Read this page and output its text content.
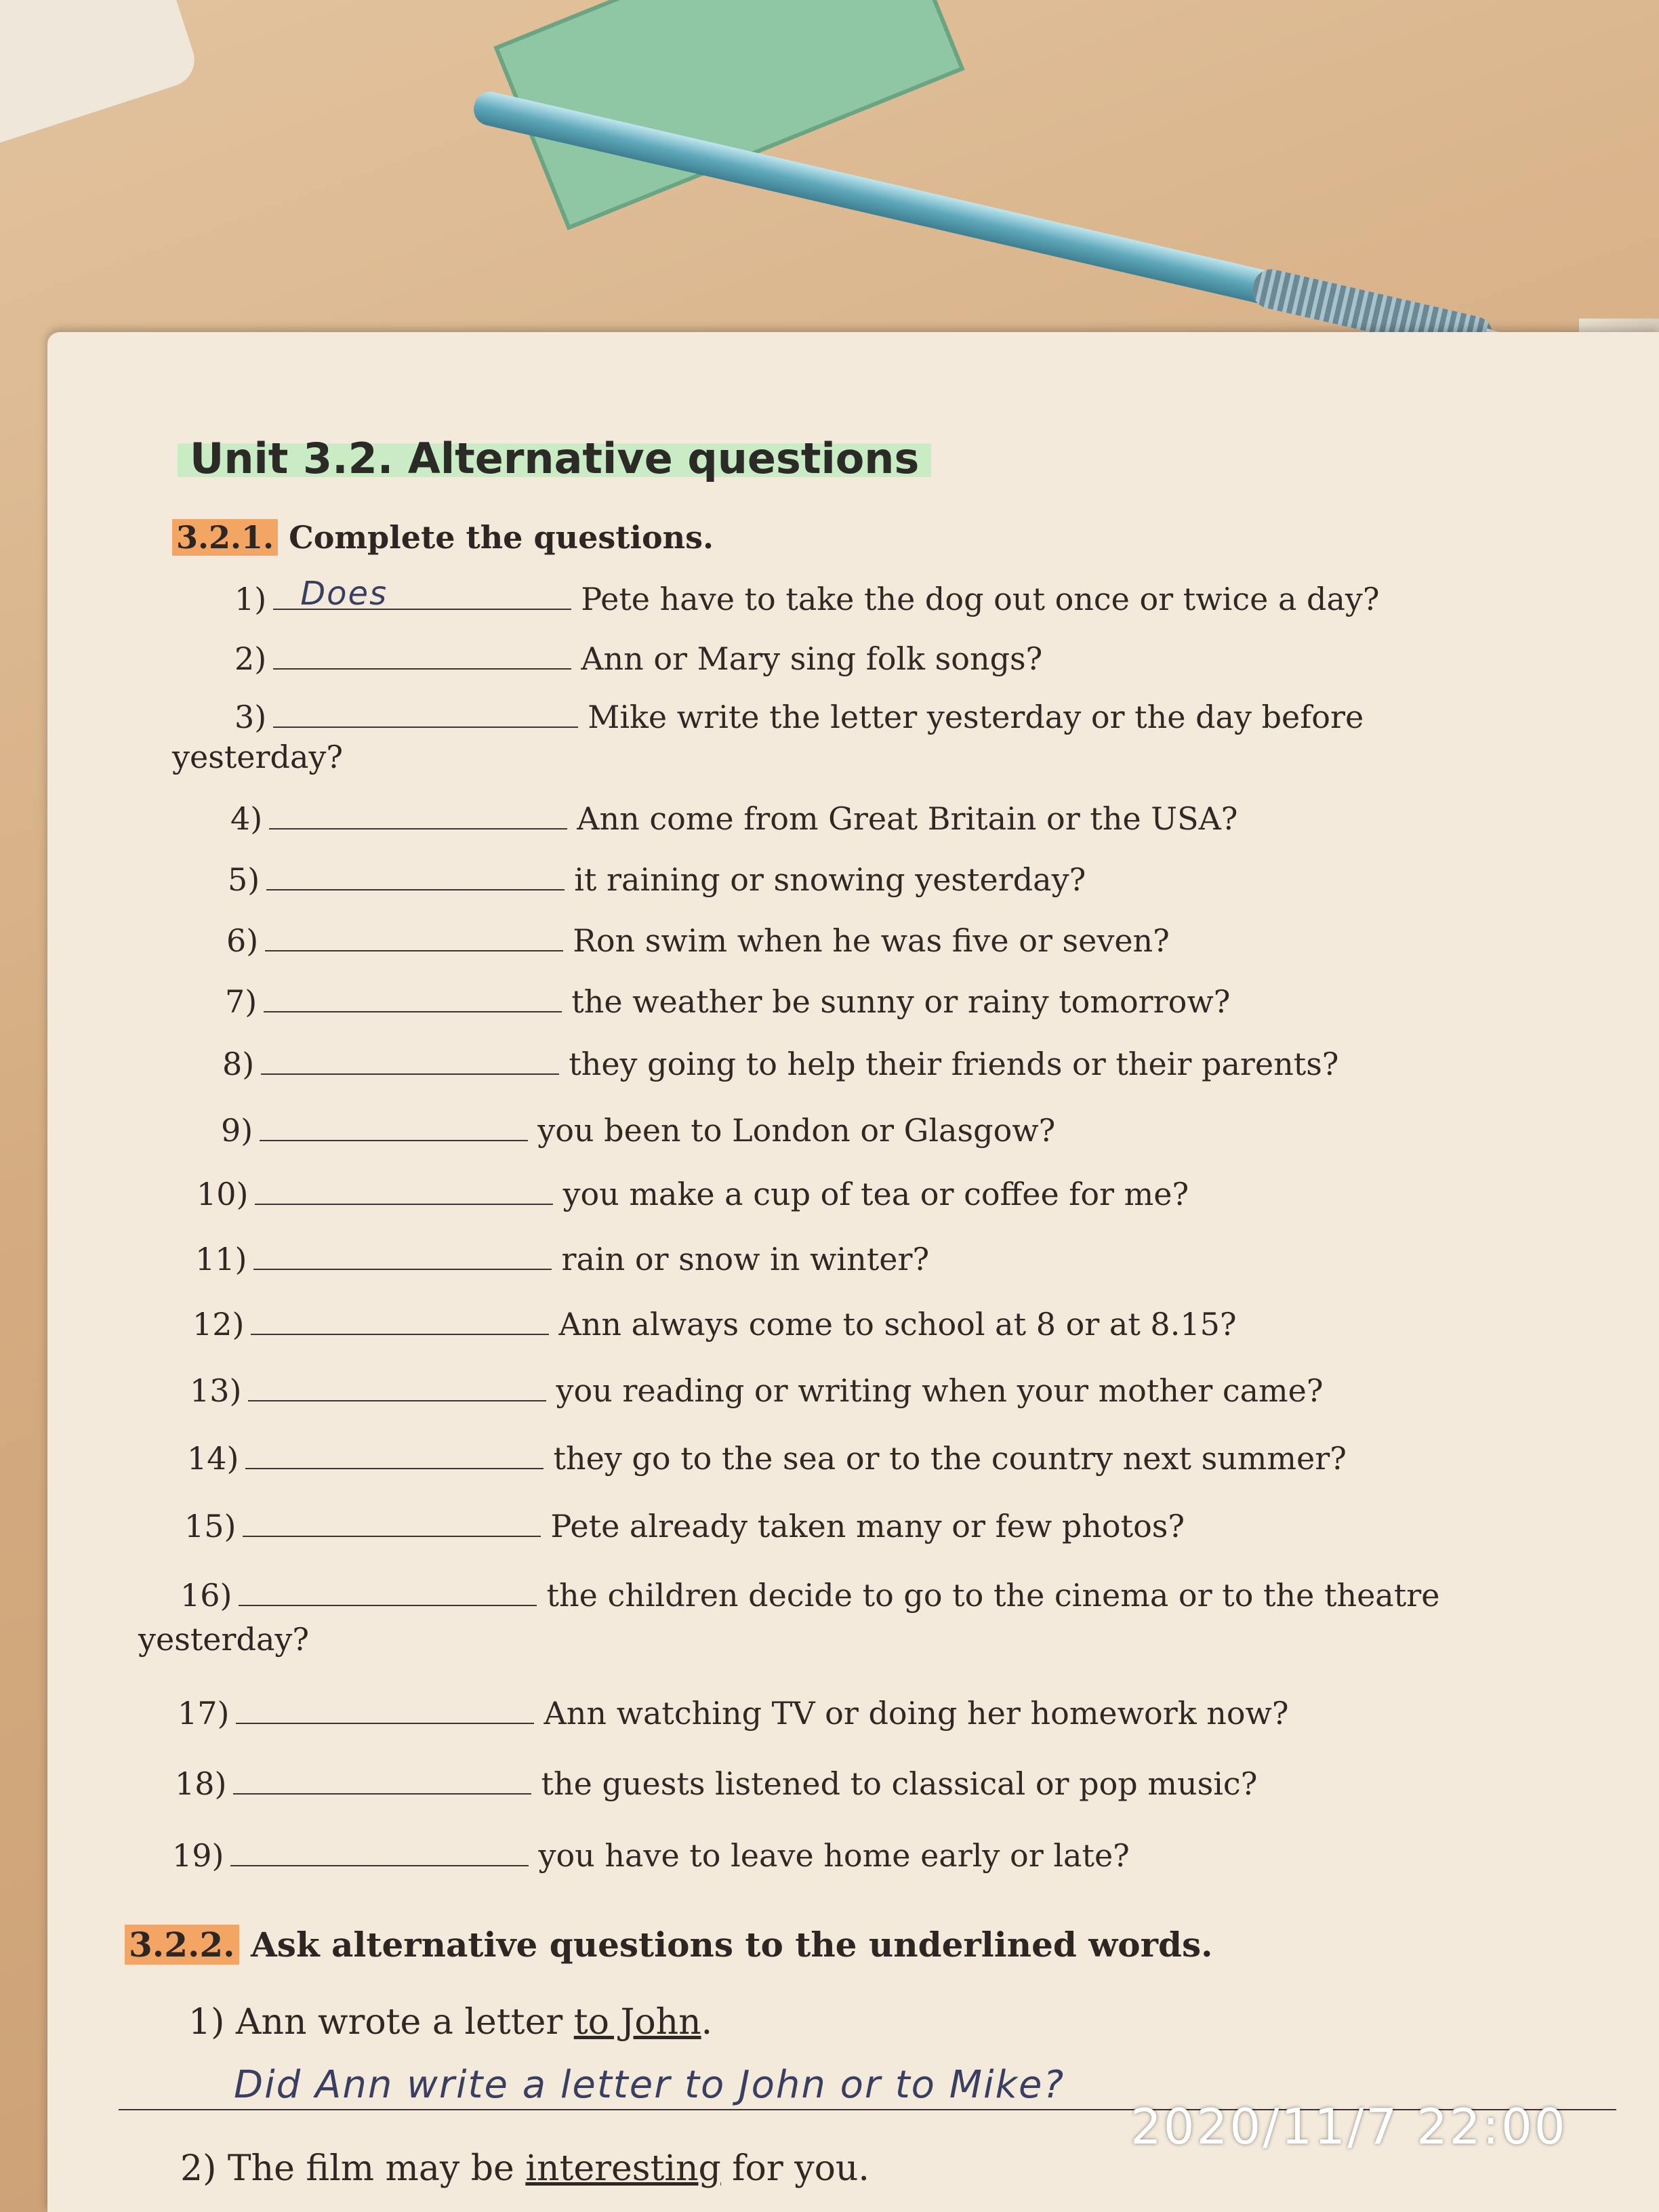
Unit 3.2. Alternative questions
3.2.1. Complete the questions.
1) Does	Pete have to take the dog out once or twice a day?
2)	Ann or Mary sing folk songs?
3)	Mike write the letter yesterday or the day before
yesterday?
4)	Ann come from Great Britain or the USA?
5)	it raining or snowing yesterday?
6)	Ron swim when he was five or seven?
7)	the weather be sunny or rainy tomorrow?
8)	they going to help their friends or their parents?
9)	you been to London or Glasgow?
10)	you make a cup of tea or coffee for me?
11)	rain or snow in winter?
12)	Ann always come to school at 8 or at 8.15?
13)	you reading or writing when your mother came?
14)	they go to the sea or to the country next summer?
15)	Pete already taken many or few photos?
16)	the children decide to go to the cinema or to the theatre
yesterday?
17)	Ann watching TV or doing her homework now?
18)	the guests listened to classical or pop music?
19)	you have to leave home early or late?
3.2.2. Ask alternative questions to the underlined words.
1) Ann wrote a letter to John.
Did Ann write a letter to John or to Mike?
2) The film may be interesting for you.
2020/11/7 22:00
